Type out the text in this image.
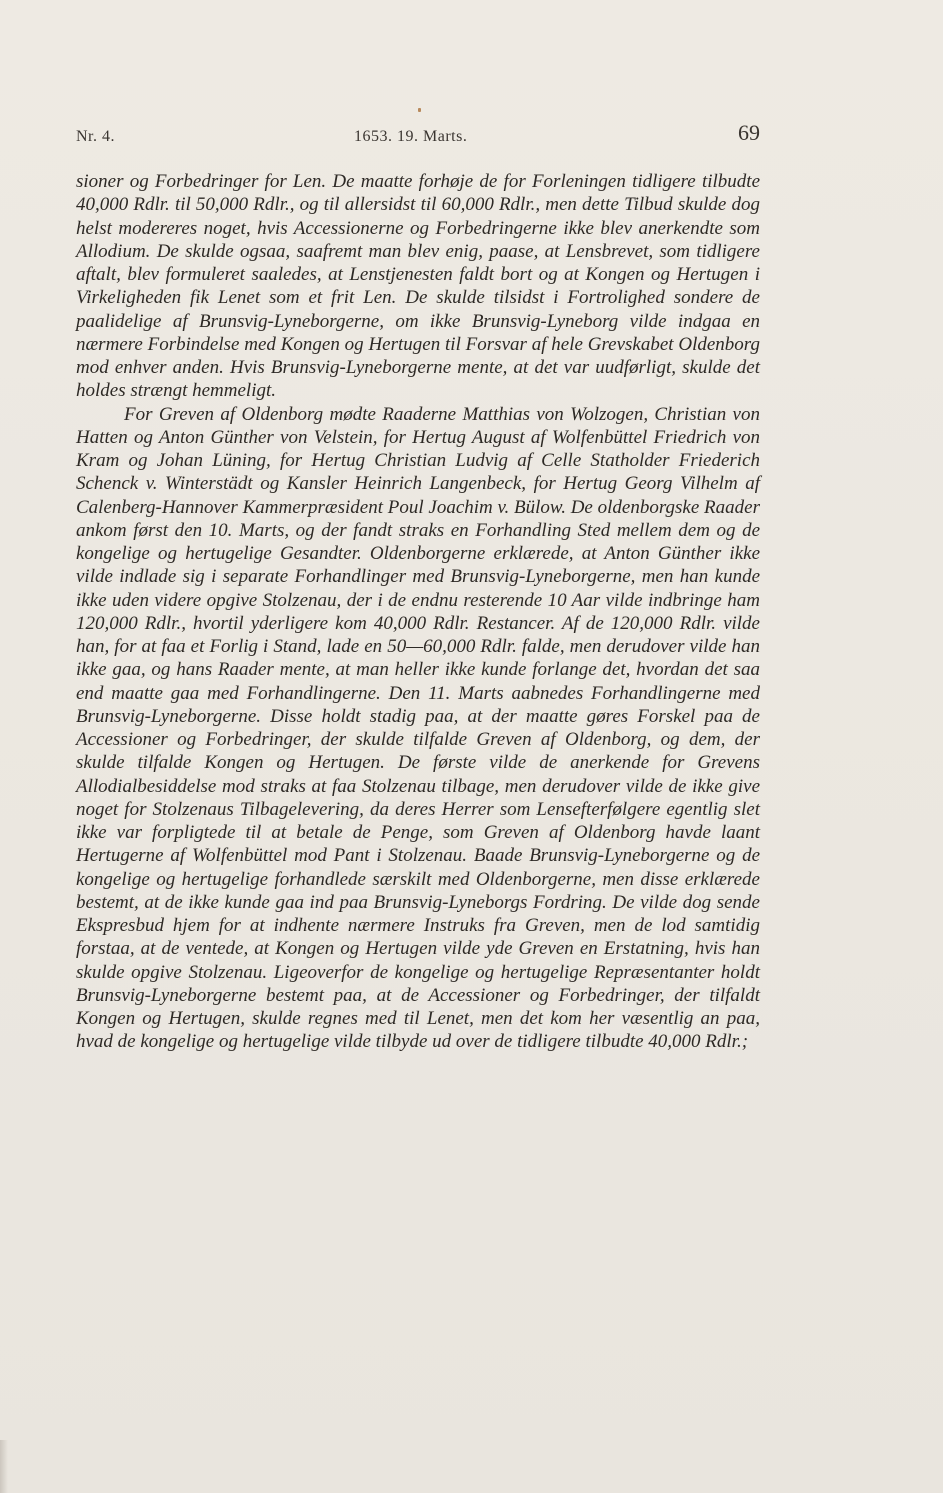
Nr. 4.	1653. 19. Marts.	69

sioner og Forbedringer for Len. De maatte forhøje de for Forleningen tidligere tilbudte 40,000 Rdlr. til 50,000 Rdlr., og til allersidst til 60,000 Rdlr., men dette Tilbud skulde dog helst modereres noget, hvis Accessionerne og Forbedringerne ikke blev anerkendte som Allodium. De skulde ogsaa, saafremt man blev enig, paase, at Lensbrevet, som tidligere aftalt, blev formuleret saaledes, at Lenstjenesten faldt bort og at Kongen og Hertugen i Virkeligheden fik Lenet som et frit Len. De skulde tilsidst i Fortrolighed sondere de paalidelige af Brunsvig-Lyneborgerne, om ikke Brunsvig-Lyneborg vilde indgaa en nærmere Forbindelse med Kongen og Hertugen til Forsvar af hele Grevskabet Oldenborg mod enhver anden. Hvis Brunsvig-Lyneborgerne mente, at det var uudførligt, skulde det holdes strængt hemmeligt.

For Greven af Oldenborg mødte Raaderne Matthias von Wolzogen, Christian von Hatten og Anton Günther von Velstein, for Hertug August af Wolfenbüttel Friedrich von Kram og Johan Lüning, for Hertug Christian Ludvig af Celle Statholder Friederich Schenck v. Winterstädt og Kansler Heinrich Langenbeck, for Hertug Georg Vilhelm af Calenberg-Hannover Kammerpræsident Poul Joachim v. Bülow. De oldenborgske Raader ankom først den 10. Marts, og der fandt straks en Forhandling Sted mellem dem og de kongelige og hertugelige Gesandter. Oldenborgerne erklærede, at Anton Günther ikke vilde indlade sig i separate Forhandlinger med Brunsvig-Lyneborgerne, men han kunde ikke uden videre opgive Stolzenau, der i de endnu resterende 10 Aar vilde indbringe ham 120,000 Rdlr., hvortil yderligere kom 40,000 Rdlr. Restancer. Af de 120,000 Rdlr. vilde han, for at faa et Forlig i Stand, lade en 50—60,000 Rdlr. falde, men derudover vilde han ikke gaa, og hans Raader mente, at man heller ikke kunde forlange det, hvordan det saa end maatte gaa med Forhandlingerne. Den 11. Marts aabnedes Forhandlingerne med Brunsvig-Lyneborgerne. Disse holdt stadig paa, at der maatte gøres Forskel paa de Accessioner og Forbedringer, der skulde tilfalde Greven af Oldenborg, og dem, der skulde tilfalde Kongen og Hertugen. De første vilde de anerkende for Grevens Allodialbesiddelse mod straks at faa Stolzenau tilbage, men derudover vilde de ikke give noget for Stolzenaus Tilbagelevering, da deres Herrer som Lensefterfølgere egentlig slet ikke var forpligtede til at betale de Penge, som Greven af Oldenborg havde laant Hertugerne af Wolfenbüttel mod Pant i Stolzenau. Baade Brunsvig-Lyneborgerne og de kongelige og hertugelige forhandlede særskilt med Oldenborgerne, men disse erklærede bestemt, at de ikke kunde gaa ind paa Brunsvig-Lyneborgs Fordring. De vilde dog sende Ekspresbud hjem for at indhente nærmere Instruks fra Greven, men de lod samtidig forstaa, at de ventede, at Kongen og Hertugen vilde yde Greven en Erstatning, hvis han skulde opgive Stolzenau. Ligeoverfor de kongelige og hertugelige Repræsentanter holdt Brunsvig-Lyneborgerne bestemt paa, at de Accessioner og Forbedringer, der tilfaldt Kongen og Hertugen, skulde regnes med til Lenet, men det kom her væsentlig an paa, hvad de kongelige og hertugelige vilde tilbyde ud over de tidligere tilbudte 40,000 Rdlr.;
